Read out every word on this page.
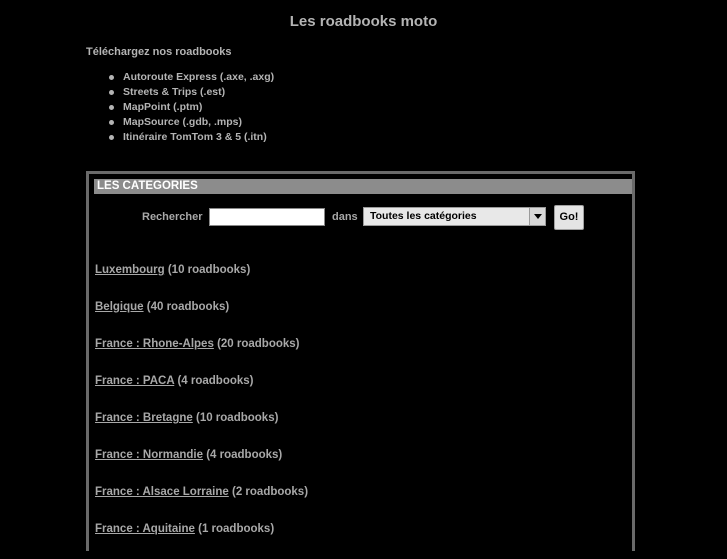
Les roadbooks moto
Téléchargez nos roadbooks
Autoroute Express (.axe, .axg)
Streets & Trips (.est)
MapPoint (.ptm)
MapSource (.gdb, .mps)
Itinéraire TomTom 3 & 5 (.itn)
LES CATEGORIES
Rechercher	dans Toutes les catégories	Go!
Luxembourg (10 roadbooks)
Belgique (40 roadbooks)
France : Rhone-Alpes (20 roadbooks)
France : PACA (4 roadbooks)
France : Bretagne (10 roadbooks)
France : Normandie (4 roadbooks)
France : Alsace Lorraine (2 roadbooks)
France : Aquitaine (1 roadbooks)
